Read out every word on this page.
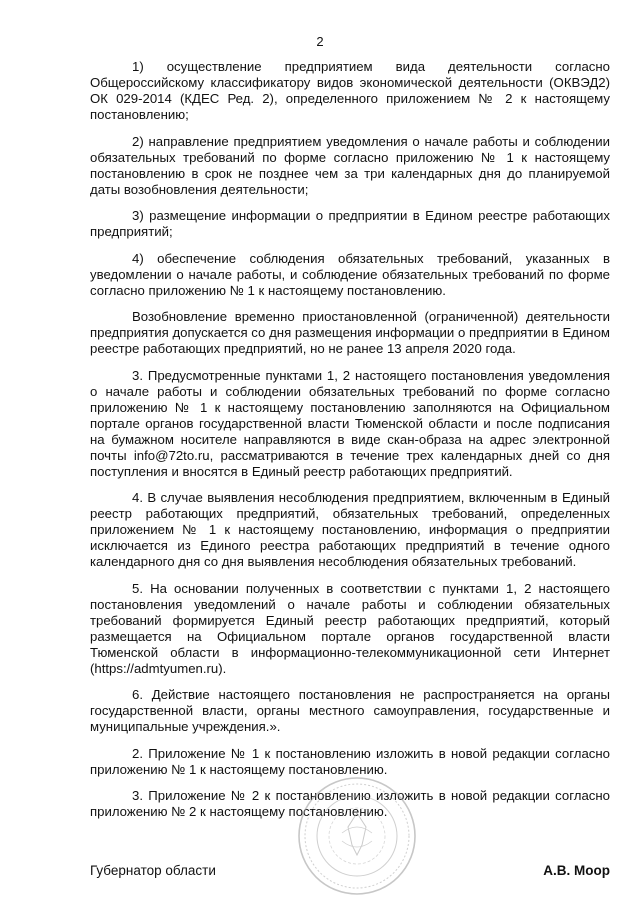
2

1) осуществление предприятием вида деятельности согласно Общероссийскому классификатору видов экономической деятельности (ОКВЭД2) ОК 029-2014 (КДЕС Ред. 2), определенного приложением № 2 к настоящему постановлению;

2) направление предприятием уведомления о начале работы и соблюдении обязательных требований по форме согласно приложению № 1 к настоящему постановлению в срок не позднее чем за три календарных дня до планируемой даты возобновления деятельности;

3) размещение информации о предприятии в Едином реестре работающих предприятий;

4) обеспечение соблюдения обязательных требований, указанных в уведомлении о начале работы, и соблюдение обязательных требований по форме согласно приложению № 1 к настоящему постановлению.

Возобновление временно приостановленной (ограниченной) деятельности предприятия допускается со дня размещения информации о предприятии в Едином реестре работающих предприятий, но не ранее 13 апреля 2020 года.

3. Предусмотренные пунктами 1, 2 настоящего постановления уведомления о начале работы и соблюдении обязательных требований по форме согласно приложению № 1 к настоящему постановлению заполняются на Официальном портале органов государственной власти Тюменской области и после подписания на бумажном носителе направляются в виде скан-образа на адрес электронной почты info@72to.ru, рассматриваются в течение трех календарных дней со дня поступления и вносятся в Единый реестр работающих предприятий.

4. В случае выявления несоблюдения предприятием, включенным в Единый реестр работающих предприятий, обязательных требований, определенных приложением № 1 к настоящему постановлению, информация о предприятии исключается из Единого реестра работающих предприятий в течение одного календарного дня со дня выявления несоблюдения обязательных требований.

5. На основании полученных в соответствии с пунктами 1, 2 настоящего постановления уведомлений о начале работы и соблюдении обязательных требований формируется Единый реестр работающих предприятий, который размещается на Официальном портале органов государственной власти Тюменской области в информационно-телекоммуникационной сети Интернет (https://admtyumen.ru).

6. Действие настоящего постановления не распространяется на органы государственной власти, органы местного самоуправления, государственные и муниципальные учреждения.».

2. Приложение № 1 к постановлению изложить в новой редакции согласно приложению № 1 к настоящему постановлению.

3. Приложение № 2 к постановлению изложить в новой редакции согласно приложению № 2 к настоящему постановлению.

Губернатор области	А.В. Моор
